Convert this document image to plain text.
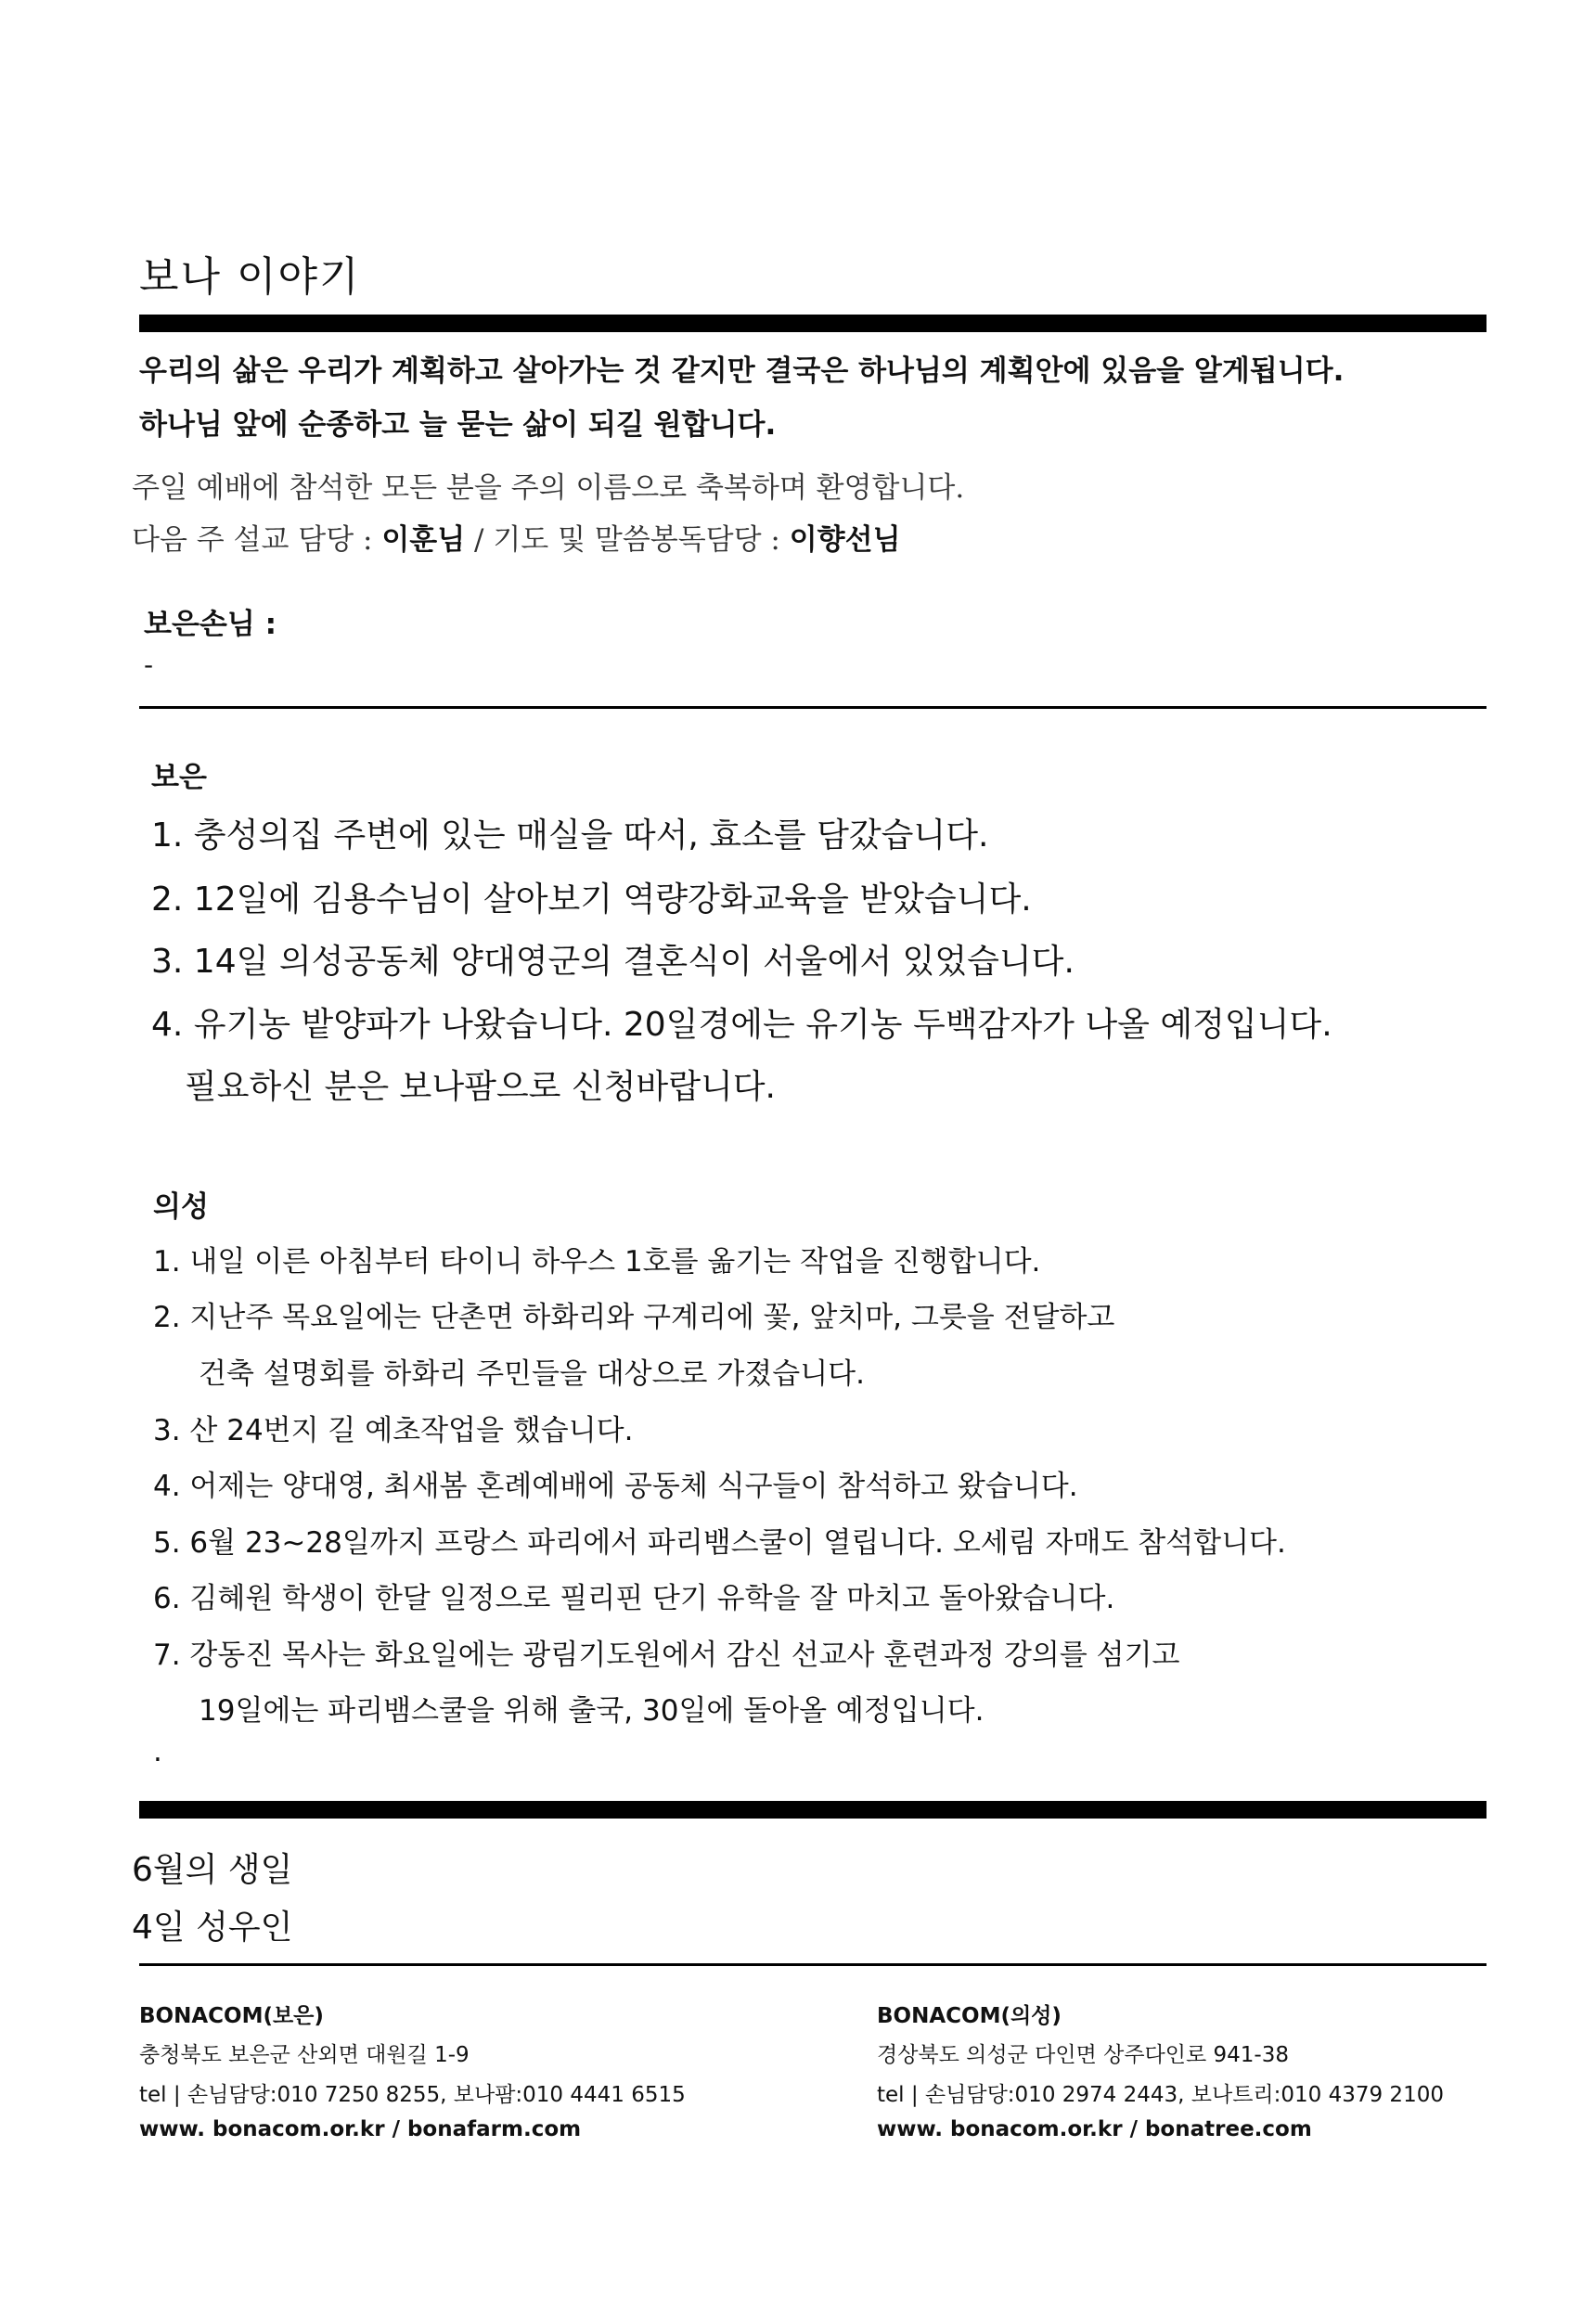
보나 이야기
우리의 삶은 우리가 계획하고 살아가는 것 같지만 결국은 하나님의 계획안에 있음을 알게됩니다.
하나님 앞에 순종하고 늘 묻는 삶이 되길 원합니다.
주일 예배에 참석한 모든 분을 주의 이름으로 축복하며 환영합니다.
다음 주 설교 담당 : 이훈님 / 기도 및 말씀봉독담당 : 이향선님
보은손님 :
-
보은
1. 충성의집 주변에 있는 매실을 따서, 효소를 담갔습니다.
2. 12일에 김용수님이 살아보기 역량강화교육을 받았습니다.
3. 14일 의성공동체 양대영군의 결혼식이 서울에서 있었습니다.
4. 유기농 밭양파가 나왔습니다. 20일경에는 유기농 두백감자가 나올 예정입니다.
필요하신 분은 보나팜으로 신청바랍니다.
의성
1. 내일 이른 아침부터 타이니 하우스 1호를 옮기는 작업을 진행합니다.
2. 지난주 목요일에는 단촌면 하화리와 구계리에 꽃, 앞치마, 그릇을 전달하고
건축 설명회를 하화리 주민들을 대상으로 가졌습니다.
3. 산 24번지 길 예초작업을 했습니다.
4. 어제는 양대영, 최새봄 혼례예배에 공동체 식구들이 참석하고 왔습니다.
5. 6월 23~28일까지 프랑스 파리에서 파리뱀스쿨이 열립니다. 오세림 자매도 참석합니다.
6. 김혜원 학생이 한달 일정으로 필리핀 단기 유학을 잘 마치고 돌아왔습니다.
7. 강동진 목사는 화요일에는 광림기도원에서 감신 선교사 훈련과정 강의를 섬기고
19일에는 파리뱀스쿨을 위해 출국, 30일에 돌아올 예정입니다.
.
6월의 생일
4일 성우인
BONACOM(보은)
충청북도 보은군 산외면 대원길 1-9
tel | 손님담당:010 7250 8255, 보나팜:010 4441 6515
www. bonacom.or.kr / bonafarm.com
BONACOM(의성)
경상북도 의성군 다인면 상주다인로 941-38
tel | 손님담당:010 2974 2443, 보나트리:010 4379 2100
www. bonacom.or.kr / bonatree.com
